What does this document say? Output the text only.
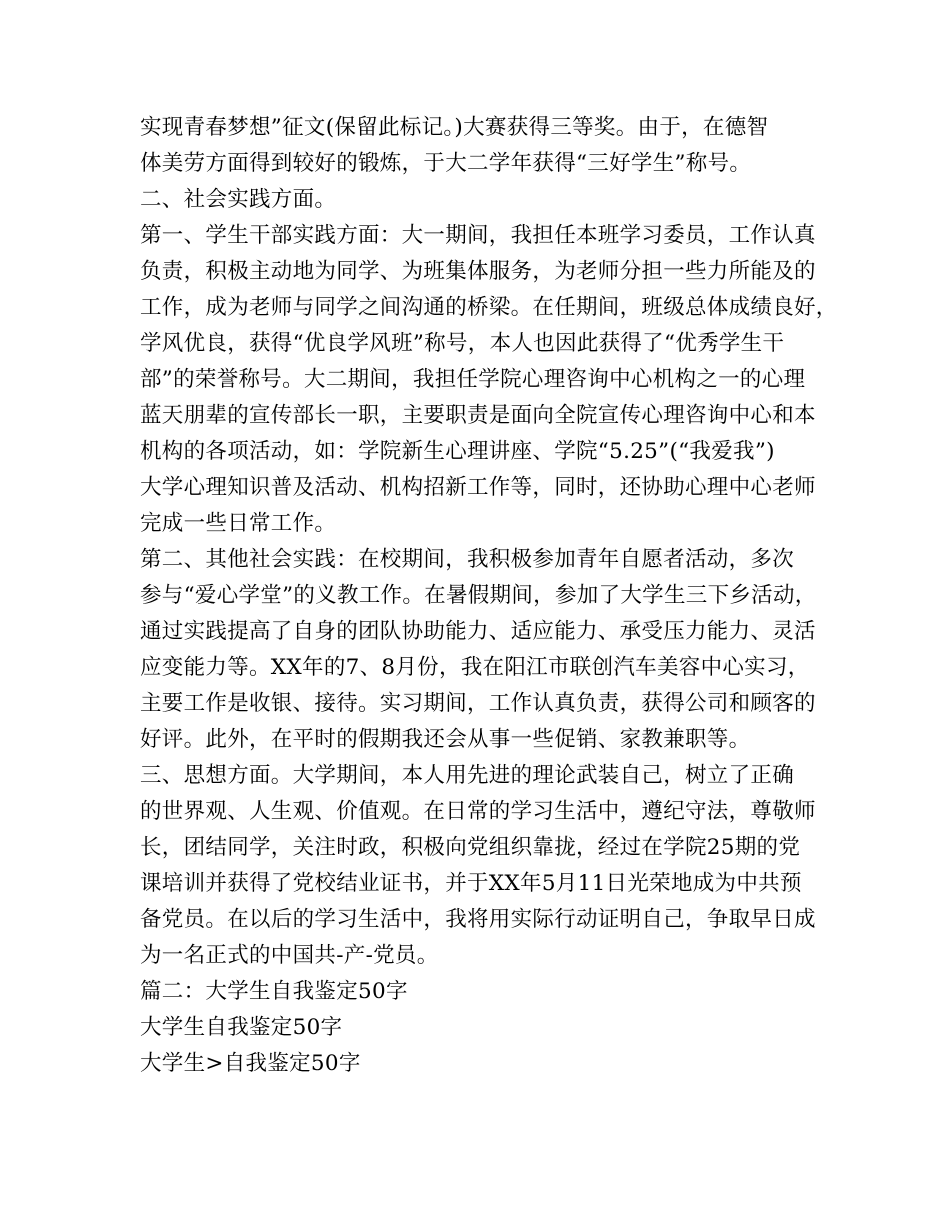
实现青春梦想”征文(保留此标记。)大赛获得三等奖。由于，在德智
体美劳方面得到较好的锻炼，于大二学年获得“三好学生”称号。
二、社会实践方面。
第一、学生干部实践方面：大一期间，我担任本班学习委员，工作认真
负责，积极主动地为同学、为班集体服务，为老师分担一些力所能及的
工作，成为老师与同学之间沟通的桥梁。在任期间，班级总体成绩良好，
学风优良，获得“优良学风班”称号，本人也因此获得了“优秀学生干
部”的荣誉称号。大二期间，我担任学院心理咨询中心机构之一的心理
蓝天朋辈的宣传部长一职，主要职责是面向全院宣传心理咨询中心和本
机构的各项活动，如：学院新生心理讲座、学院“5.25”(“我爱我”)
大学心理知识普及活动、机构招新工作等，同时，还协助心理中心老师
完成一些日常工作。
第二、其他社会实践：在校期间，我积极参加青年自愿者活动，多次
参与“爱心学堂”的义教工作。在暑假期间，参加了大学生三下乡活动，
通过实践提高了自身的团队协助能力、适应能力、承受压力能力、灵活
应变能力等。XX年的7、8月份，我在阳江市联创汽车美容中心实习，
主要工作是收银、接待。实习期间，工作认真负责，获得公司和顾客的
好评。此外，在平时的假期我还会从事一些促销、家教兼职等。
三、思想方面。大学期间，本人用先进的理论武装自己，树立了正确
的世界观、人生观、价值观。在日常的学习生活中，遵纪守法，尊敬师
长，团结同学，关注时政，积极向党组织靠拢，经过在学院25期的党
课培训并获得了党校结业证书，并于XX年5月11日光荣地成为中共预
备党员。在以后的学习生活中，我将用实际行动证明自己，争取早日成
为一名正式的中国共-产-党员。
篇二：大学生自我鉴定50字
大学生自我鉴定50字
大学生>自我鉴定50字
